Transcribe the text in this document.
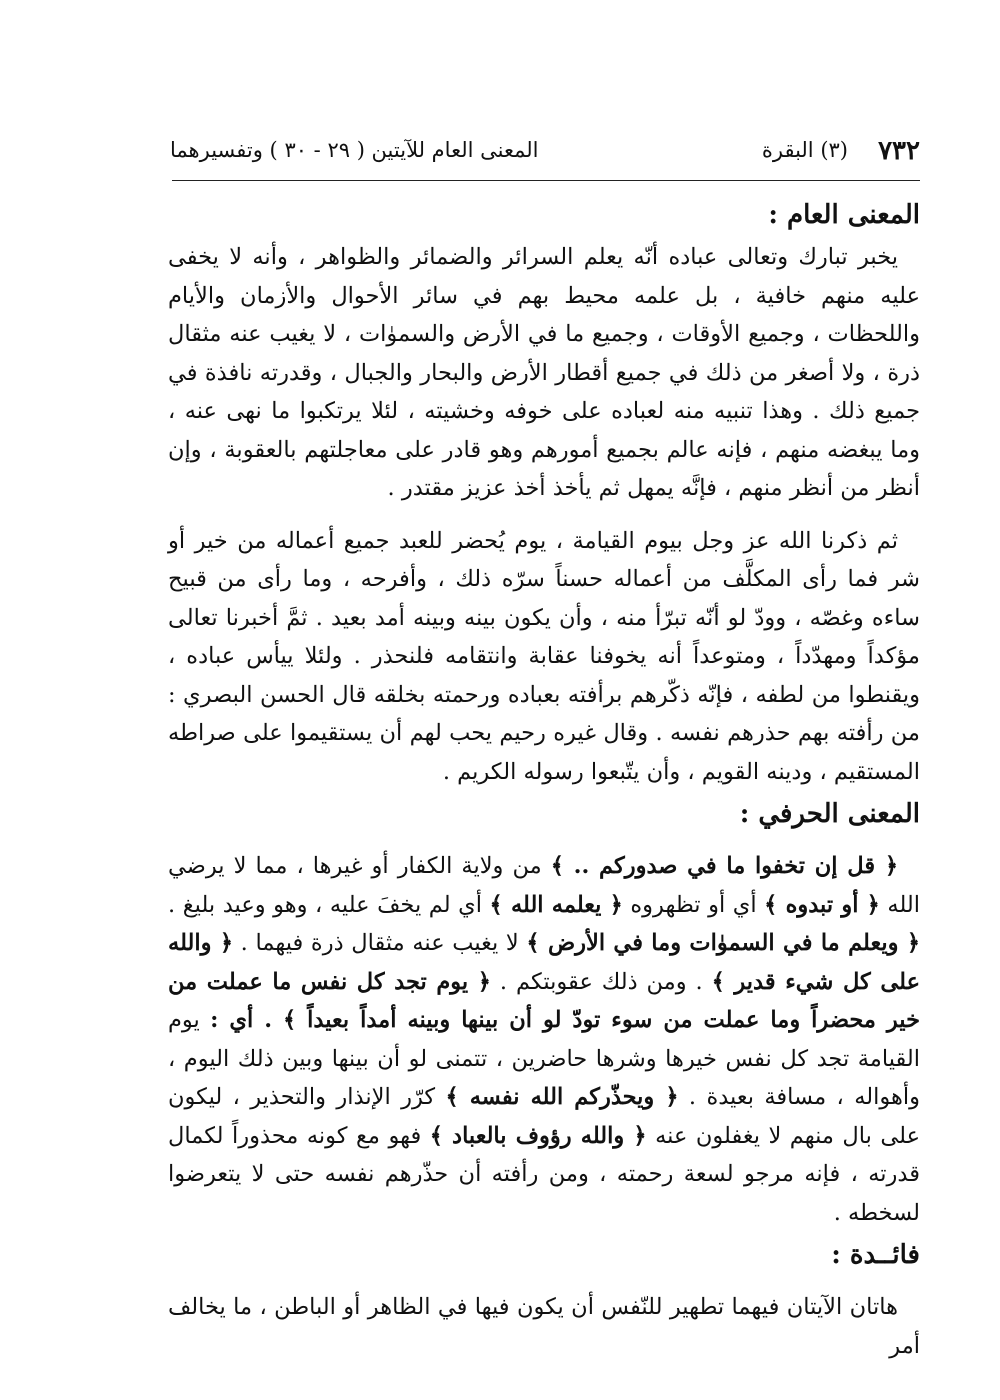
٧٣٢
(٣) البقرة
المعنى العام للآيتين ( ٢٩ - ٣٠ ) وتفسيرهما
المعنى العام :

يخبر تبارك وتعالى عباده أنّه يعلم السرائر والضمائر والظواهر ، وأنه لا يخفى عليه منهم خافية ، بل علمه محيط بهم في سائر الأحوال والأزمان والأيام واللحظات ، وجميع الأوقات ، وجميع ما في الأرض والسموٰات ، لا يغيب عنه مثقال ذرة ، ولا أصغر من ذلك في جميع أقطار الأرض والبحار والجبال ، وقدرته نافذة في جميع ذلك . وهذا تنبيه منه لعباده على خوفه وخشيته ، لئلا يرتكبوا ما نهى عنه ، وما يبغضه منهم ، فإنه عالم بجميع أمورهم وهو قادر على معاجلتهم بالعقوبة ، وإن أنظر من أنظر منهم ، فإنَّه يمهل ثم يأخذ أخذ عزيز مقتدر .

ثم ذكرنا الله عز وجل بيوم القيامة ، يوم يُحضر للعبد جميع أعماله من خير أو شر فما رأى المكلَّف من أعماله حسناً سرّه ذلك ، وأفرحه ، وما رأى من قبيح ساءه وغصّه ، وودّ لو أنّه تبرّأ منه ، وأن يكون بينه وبينه أمد بعيد . ثمَّ أخبرنا تعالى مؤكداً ومهدّداً ، ومتوعداً أنه يخوفنا عقابة وانتقامه فلنحذر . ولئلا ييأس عباده ، ويقنطوا من لطفه ، فإنّه ذكّرهم برأفته بعباده ورحمته بخلقه قال الحسن البصري : من رأفته بهم حذرهم نفسه . وقال غيره رحيم يحب لهم أن يستقيموا على صراطه المستقيم ، ودينه القويم ، وأن يتّبعوا رسوله الكريم .

المعنى الحرفي :

﴿ قل إن تخفوا ما في صدوركم .. ﴾ من ولاية الكفار أو غيرها ، مما لا يرضي الله ﴿ أو تبدوه ﴾ أي أو تظهروه ﴿ يعلمه الله ﴾ أي لم يخفَ عليه ، وهو وعيد بليغ . ﴿ ويعلم ما في السموٰات وما في الأرض ﴾ لا يغيب عنه مثقال ذرة فيهما . ﴿ والله على كل شيء قدير ﴾ . ومن ذلك عقوبتكم . ﴿ يوم تجد كل نفس ما عملت من خير محضراً وما عملت من سوء تودّ لو أن بينها وبينه أمداً بعيداً ﴾ . أي : يوم القيامة تجد كل نفس خيرها وشرها حاضرين ، تتمنى لو أن بينها وبين ذلك اليوم ، وأهواله ، مسافة بعيدة . ﴿ ويحذّركم الله نفسه ﴾ كرّر الإنذار والتحذير ، ليكون على بال منهم لا يغفلون عنه ﴿ والله رؤوف بالعباد ﴾ فهو مع كونه محذوراً لكمال قدرته ، فإنه مرجو لسعة رحمته ، ومن رأفته أن حذّرهم نفسه حتى لا يتعرضوا لسخطه .

فائــدة :

هاتان الآيتان فيهما تطهير للنّفس أن يكون فيها في الظاهر أو الباطن ، ما يخالف أمر
